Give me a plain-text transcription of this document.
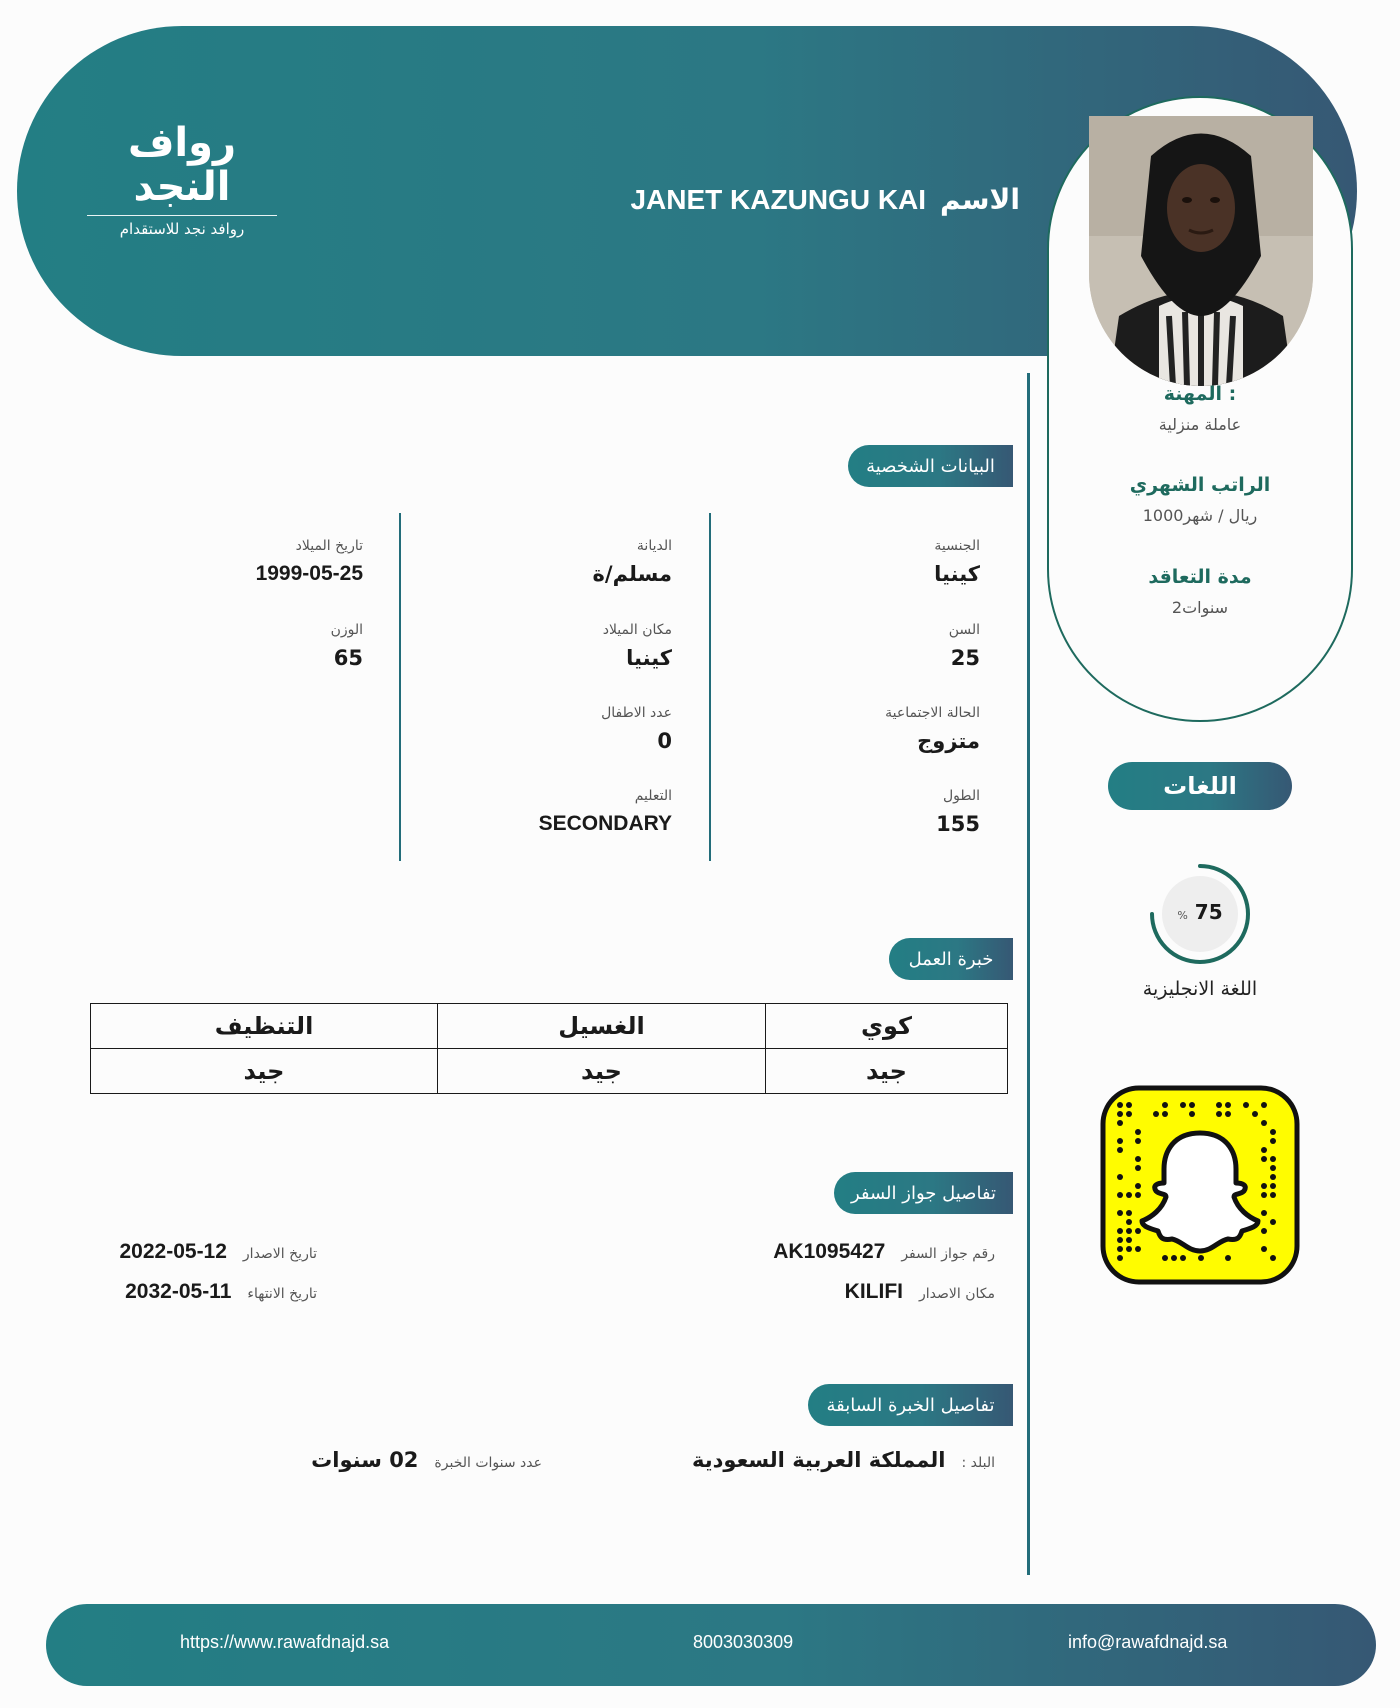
رواف النجد
روافد نجد للاستقدام
JANET KAZUNGU KAI الاسم
المهنة :
عاملة منزلية
الراتب الشهري
1000ريال / شهر
مدة التعاقد
2سنوات
اللغات
% 75
اللغة الانجليزية
البيانات الشخصية
خبرة العمل
تفاصيل جواز السفر
تفاصيل الخبرة السابقة
الجنسية
كينيا
السن
25
الحالة الاجتماعية
متزوج
الطول
155
الديانة
مسلم/ة
مكان الميلاد
كينيا
عدد الاطفال
0
التعليم
SECONDARY
تاريخ الميلاد
1999-05-25
الوزن
65
كوي	الغسيل	التنظيف
جيد	جيد	جيد
رقم جواز السفر
AK1095427
مكان الاصدار
KILIFI
تاريخ الاصدار
2022-05-12
تاريخ الانتهاء
2032-05-11
البلد :
المملكة العربية السعودية
عدد سنوات الخبرة
02 سنوات
https://www.rawafdnajd.sa	8003030309	info@rawafdnajd.sa
